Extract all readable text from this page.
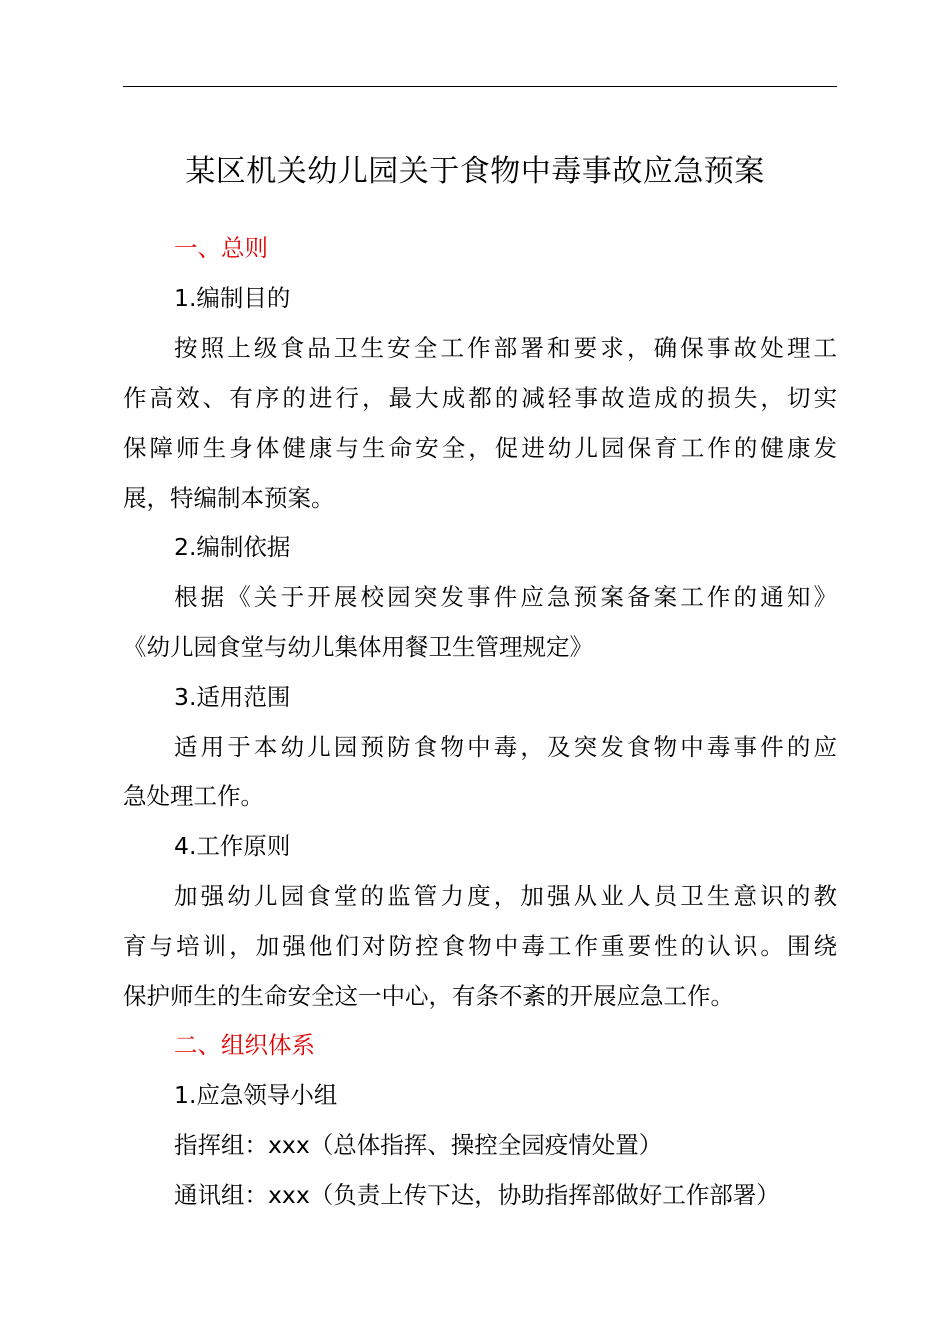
某区机关幼儿园关于食物中毒事故应急预案
一、总则
1.编制目的
按照上级食品卫生安全工作部署和要求，确保事故处理工
作高效、有序的进行，最大成都的减轻事故造成的损失，切实
保障师生身体健康与生命安全，促进幼儿园保育工作的健康发
展，特编制本预案。
2.编制依据
根据《关于开展校园突发事件应急预案备案工作的通知》
《幼儿园食堂与幼儿集体用餐卫生管理规定》
3.适用范围
适用于本幼儿园预防食物中毒，及突发食物中毒事件的应
急处理工作。
4.工作原则
加强幼儿园食堂的监管力度，加强从业人员卫生意识的教
育与培训，加强他们对防控食物中毒工作重要性的认识。围绕
保护师生的生命安全这一中心，有条不紊的开展应急工作。
二、组织体系
1.应急领导小组
指挥组：xxx（总体指挥、操控全园疫情处置）
通讯组：xxx（负责上传下达，协助指挥部做好工作部署）
